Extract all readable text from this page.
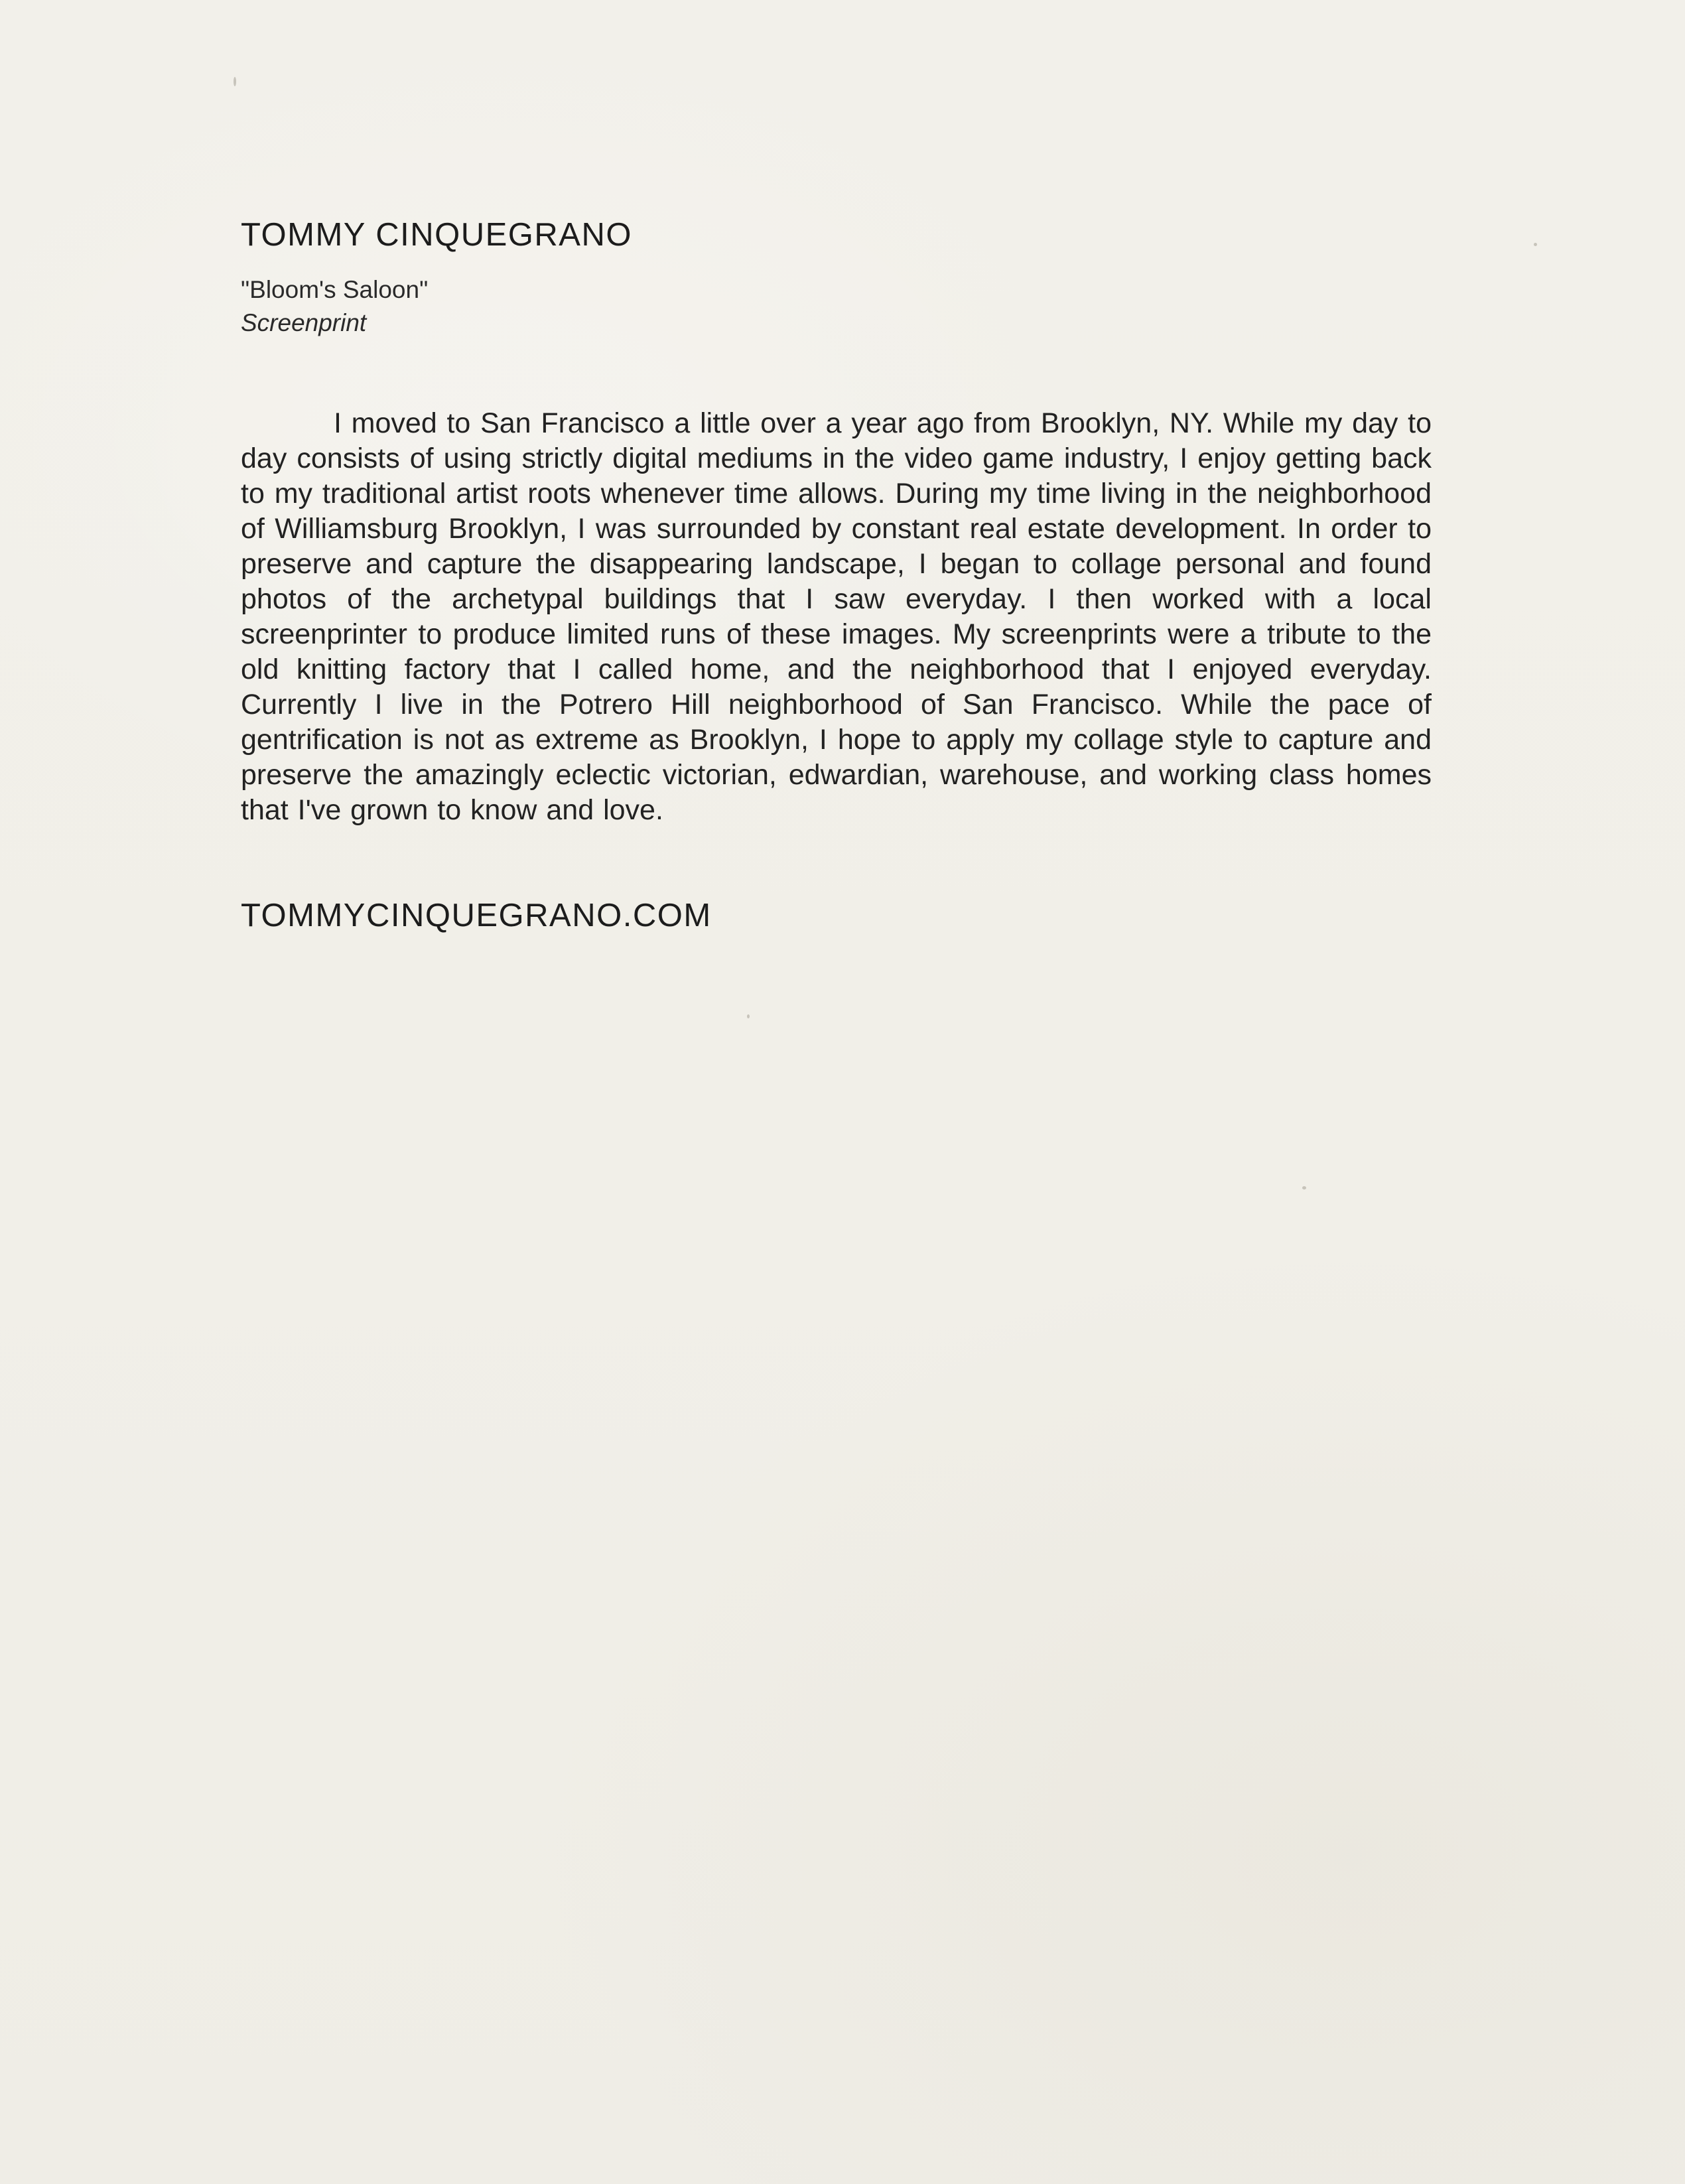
TOMMY CINQUEGRANO
"Bloom's Saloon"
Screenprint

I moved to San Francisco a little over a year ago from Brooklyn, NY. While my day to day consists of using strictly digital mediums in the video game industry, I enjoy getting back to my traditional artist roots whenever time allows. During my time living in the neighborhood of Williamsburg Brooklyn, I was surrounded by constant real estate development. In order to preserve and capture the disappearing landscape, I began to collage personal and found photos of the archetypal buildings that I saw everyday. I then worked with a local screenprinter to produce limited runs of these images. My screenprints were a tribute to the old knitting factory that I called home, and the neighborhood that I enjoyed everyday. Currently I live in the Potrero Hill neighborhood of San Francisco. While the pace of gentrification is not as extreme as Brooklyn, I hope to apply my collage style to capture and preserve the amazingly eclectic victorian, edwardian, warehouse, and working class homes that I've grown to know and love.

TOMMYCINQUEGRANO.COM
